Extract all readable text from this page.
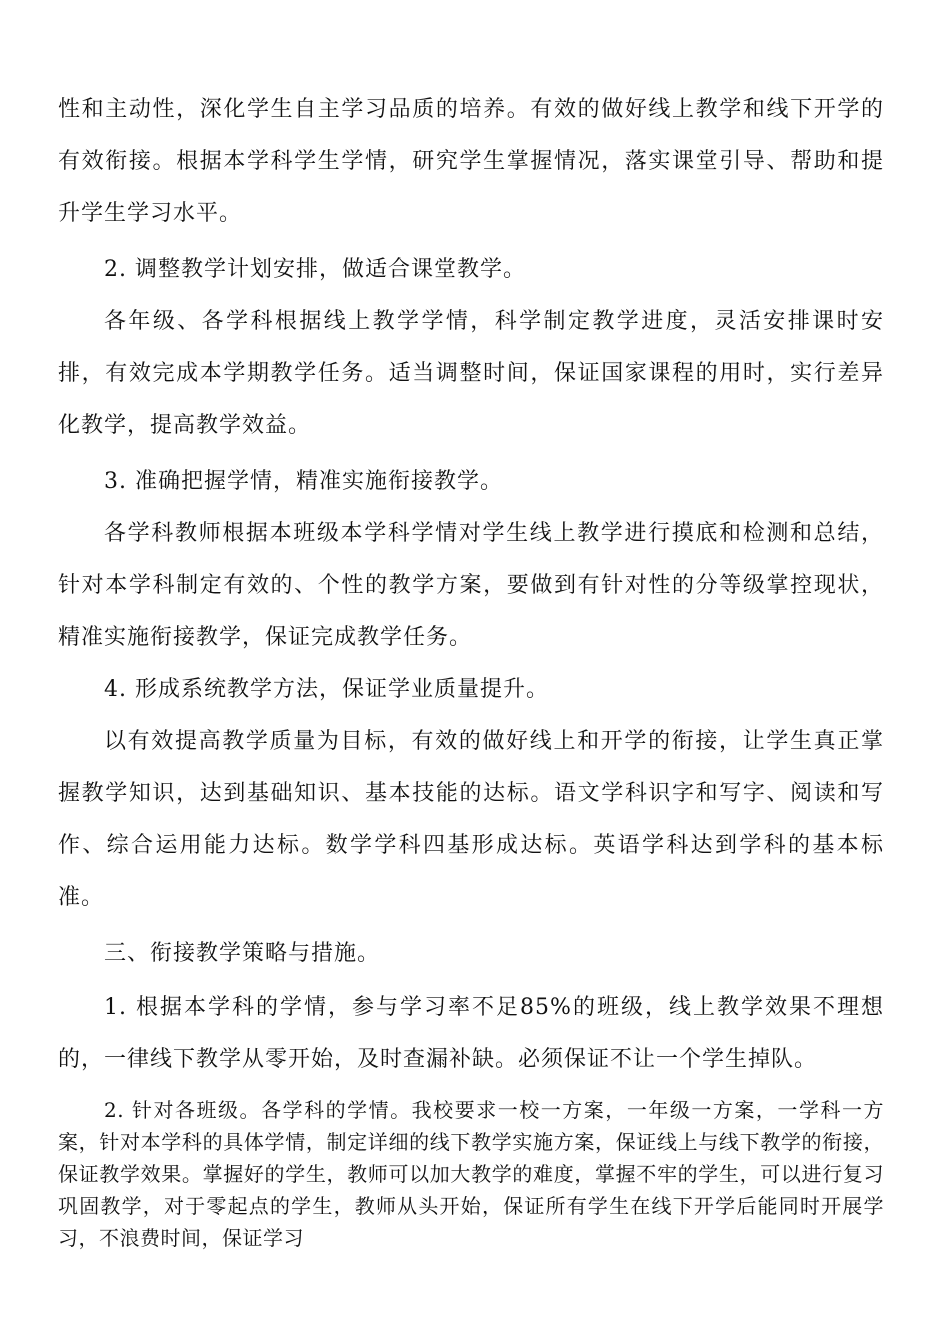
性和主动性，深化学生自主学习品质的培养。有效的做好线上教学和线下开学的有效衔接。根据本学科学生学情，研究学生掌握情况，落实课堂引导、帮助和提升学生学习水平。

2. 调整教学计划安排，做适合课堂教学。

各年级、各学科根据线上教学学情，科学制定教学进度，灵活安排课时安排，有效完成本学期教学任务。适当调整时间，保证国家课程的用时，实行差异化教学，提高教学效益。

3. 准确把握学情，精准实施衔接教学。

各学科教师根据本班级本学科学情对学生线上教学进行摸底和检测和总结，针对本学科制定有效的、个性的教学方案，要做到有针对性的分等级掌控现状，精准实施衔接教学，保证完成教学任务。

4. 形成系统教学方法，保证学业质量提升。

以有效提高教学质量为目标，有效的做好线上和开学的衔接，让学生真正掌握教学知识，达到基础知识、基本技能的达标。语文学科识字和写字、阅读和写作、综合运用能力达标。数学学科四基形成达标。英语学科达到学科的基本标准。

三、衔接教学策略与措施。

1. 根据本学科的学情，参与学习率不足85%的班级，线上教学效果不理想的，一律线下教学从零开始，及时查漏补缺。必须保证不让一个学生掉队。

2. 针对各班级。各学科的学情。我校要求一校一方案，一年级一方案，一学科一方案，针对本学科的具体学情，制定详细的线下教学实施方案，保证线上与线下教学的衔接，保证教学效果。掌握好的学生，教师可以加大教学的难度，掌握不牢的学生，可以进行复习巩固教学，对于零起点的学生，教师从头开始，保证所有学生在线下开学后能同时开展学习，不浪费时间，保证学习
